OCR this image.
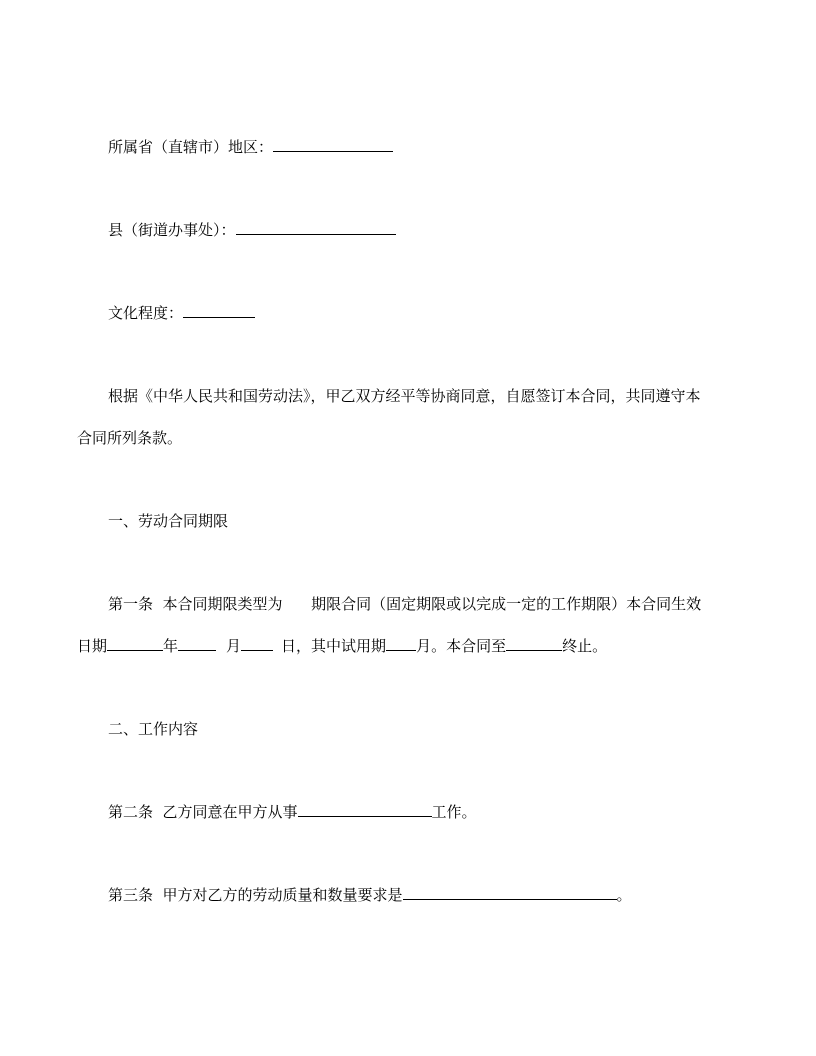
所属省（直辖市）地区：
县（街道办事处）：
文化程度：
根据《中华人民共和国劳动法》，甲乙双方经平等协商同意，自愿签订本合同，共同遵守本
合同所列条款。
一、劳动合同期限
第一条  本合同期限类型为      期限合同（固定期限或以完成一定的工作期限）本合同生效
日期	年	月	日，其中试用期 月。本合同至	终止。
二、工作内容
第二条  乙方同意在甲方从事	工作。
第三条  甲方对乙方的劳动质量和数量要求是	。
